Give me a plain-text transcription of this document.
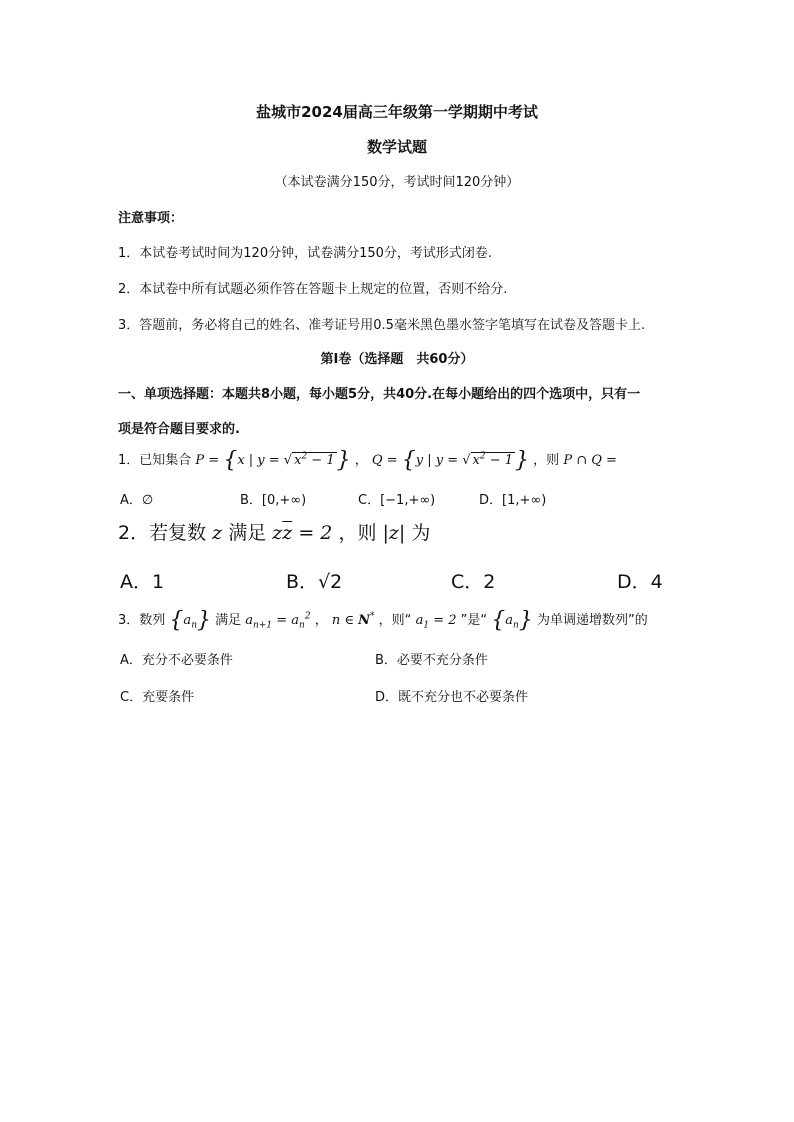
盐城市2024届高三年级第一学期期中考试
数学试题
（本试卷满分150分，考试时间120分钟）
注意事项：
1．本试卷考试时间为120分钟，试卷满分150分，考试形式闭卷.
2．本试卷中所有试题必须作答在答题卡上规定的位置，否则不给分.
3．答题前，务必将自己的姓名、准考证号用0.5毫米黑色墨水签字笔填写在试卷及答题卡上.
第Ⅰ卷（选择题　共60分）
一、单项选择题：本题共8小题，每小题5分，共40分.在每小题给出的四个选项中，只有一
项是符合题目要求的.
1．已知集合 P = {x | y = √ $x^2 - 1$} ， Q = {y | y = √ $x^2 - 1$} ，则 P ∩ Q =
A．∅	B．[0,+∞)	C．[−1,+∞)	D．[1,+∞)
2．若复数 z 满足 $z\overline{z} = 2$ ，则 |z| 为
A．1	B．√2	C．2	D．4
3．数列 $\{a_n\}$ 满足 $a_{n+1} = a_n^2$ ， n ∈ N* ，则“ $a_1 = 2$ ”是“ $\{a_n\}$ 为单调递增数列”的
A．充分不必要条件	B．必要不充分条件
C．充要条件	D．既不充分也不必要条件
